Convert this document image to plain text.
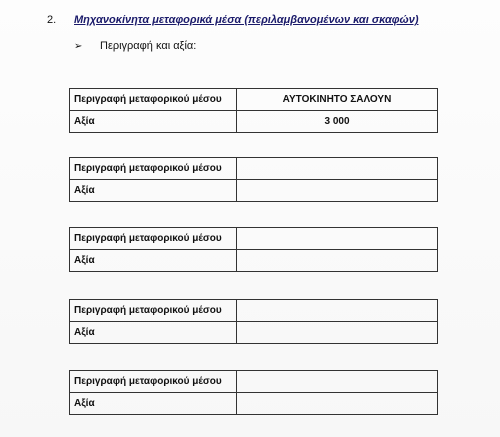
2. Μηχανοκίνητα μεταφορικά μέσα (περιλαμβανομένων και σκαφών)
➢ Περιγραφή και αξία:
Περιγραφή μεταφορικού μέσου	ΑΥΤΟΚΙΝΗΤΟ ΣΑΛΟΥΝ
Αξία	3 000
Περιγραφή μεταφορικού μέσου	
Αξία	
Περιγραφή μεταφορικού μέσου	
Αξία	
Περιγραφή μεταφορικού μέσου	
Αξία	
Περιγραφή μεταφορικού μέσου	
Αξία	
